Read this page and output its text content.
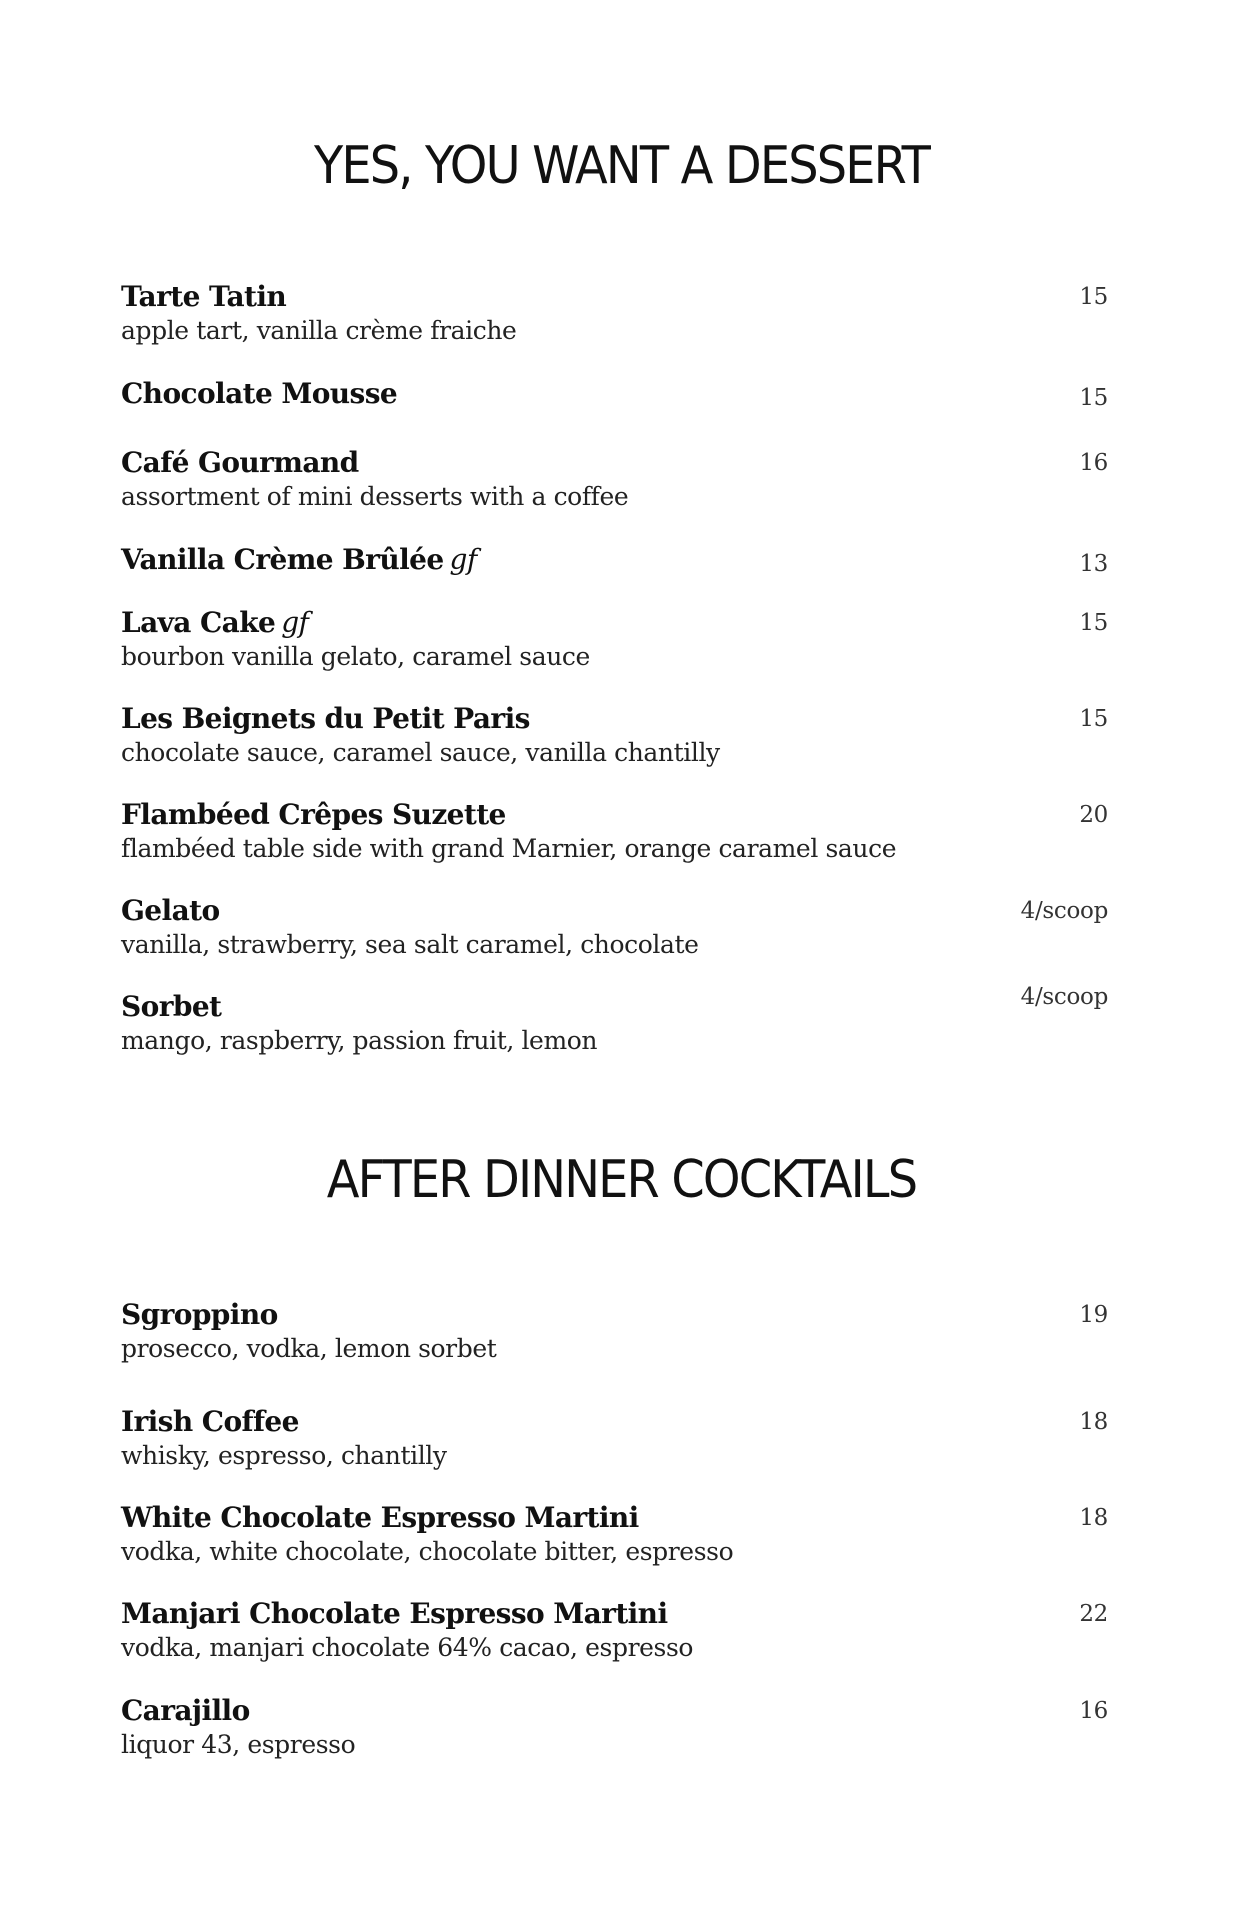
YES, YOU WANT A DESSERT
Tarte Tatin
apple tart, vanilla crème fraiche
15
Chocolate Mousse	15
Café Gourmand
assortment of mini desserts with a coffee
16
Vanilla Crème Brûlée gf	13
Lava Cake gf
bourbon vanilla gelato, caramel sauce
15
Les Beignets du Petit Paris
chocolate sauce, caramel sauce, vanilla chantilly
15
Flambéed Crêpes Suzette
flambéed table side with grand Marnier, orange caramel sauce
20
Gelato
vanilla, strawberry, sea salt caramel, chocolate
4/scoop
Sorbet
mango, raspberry, passion fruit, lemon
4/scoop
AFTER DINNER COCKTAILS
Sgroppino
prosecco, vodka, lemon sorbet
19
Irish Coffee
whisky, espresso, chantilly
18
White Chocolate Espresso Martini
vodka, white chocolate, chocolate bitter, espresso
18
Manjari Chocolate Espresso Martini
vodka, manjari chocolate 64% cacao, espresso
22
Carajillo
liquor 43, espresso
16
